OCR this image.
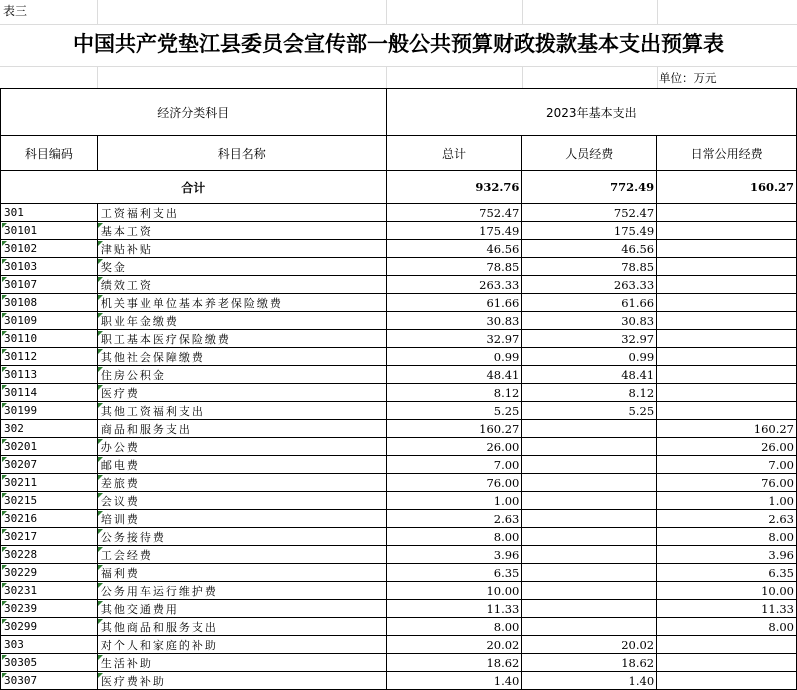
表三
中国共产党垫江县委员会宣传部一般公共预算财政拨款基本支出预算表
单位：万元
经济分类科目		2023年基本支出		
科目编码	科目名称	总计	人员经费	日常公用经费
合计		932.76	772.49	160.27
301	工资福利支出	752.47	752.47	
30101	基本工资	175.49	175.49	
30102	津贴补贴	46.56	46.56	
30103	奖金	78.85	78.85	
30107	绩效工资	263.33	263.33	
30108	机关事业单位基本养老保险缴费	61.66	61.66	
30109	职业年金缴费	30.83	30.83	
30110	职工基本医疗保险缴费	32.97	32.97	
30112	其他社会保障缴费	0.99	0.99	
30113	住房公积金	48.41	48.41	
30114	医疗费	8.12	8.12	
30199	其他工资福利支出	5.25	5.25	
302	商品和服务支出	160.27		160.27
30201	办公费	26.00		26.00
30207	邮电费	7.00		7.00
30211	差旅费	76.00		76.00
30215	会议费	1.00		1.00
30216	培训费	2.63		2.63
30217	公务接待费	8.00		8.00
30228	工会经费	3.96		3.96
30229	福利费	6.35		6.35
30231	公务用车运行维护费	10.00		10.00
30239	其他交通费用	11.33		11.33
30299	其他商品和服务支出	8.00		8.00
303	对个人和家庭的补助	20.02	20.02	
30305	生活补助	18.62	18.62	
30307	医疗费补助	1.40	1.40	
